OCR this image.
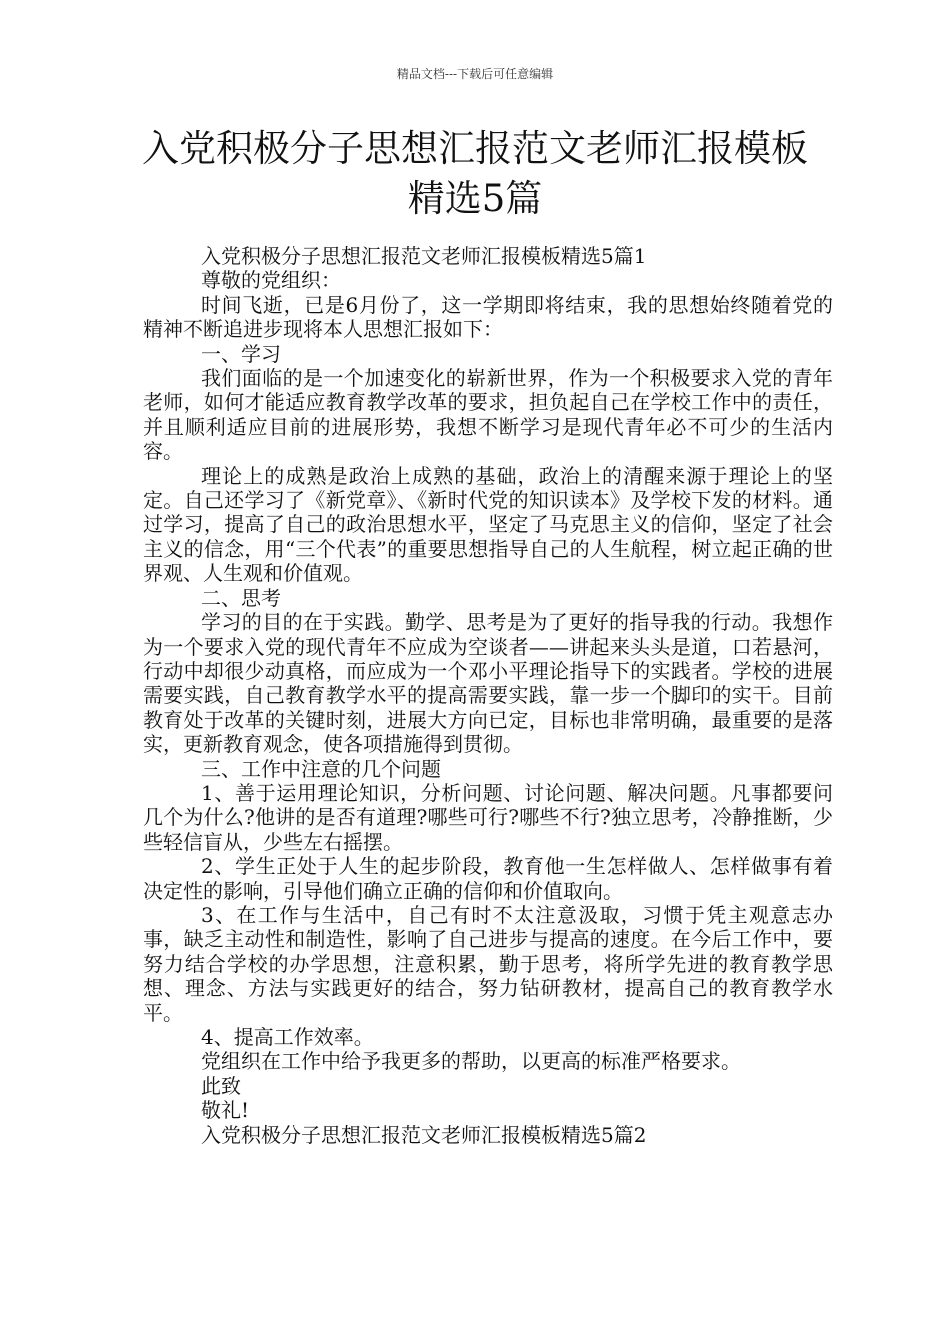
精品文档---下载后可任意编辑
入党积极分子思想汇报范文老师汇报模板
精选5篇

入党积极分子思想汇报范文老师汇报模板精选5篇1

尊敬的党组织：

时间飞逝，已是6月份了，这一学期即将结束，我的思想始终随着党的精神不断追进步现将本人思想汇报如下：

一、学习

我们面临的是一个加速变化的崭新世界，作为一个积极要求入党的青年老师，如何才能适应教育教学改革的要求，担负起自己在学校工作中的责任，并且顺利适应目前的进展形势，我想不断学习是现代青年必不可少的生活内容。

理论上的成熟是政治上成熟的基础，政治上的清醒来源于理论上的坚定。自己还学习了《新党章》、《新时代党的知识读本》及学校下发的材料。通过学习，提高了自己的政治思想水平，坚定了马克思主义的信仰，坚定了社会主义的信念，用“三个代表”的重要思想指导自己的人生航程，树立起正确的世界观、人生观和价值观。

二、思考

学习的目的在于实践。勤学、思考是为了更好的指导我的行动。我想作为一个要求入党的现代青年不应成为空谈者——讲起来头头是道，口若悬河，行动中却很少动真格，而应成为一个邓小平理论指导下的实践者。学校的进展需要实践，自己教育教学水平的提高需要实践，靠一步一个脚印的实干。目前教育处于改革的关键时刻，进展大方向已定，目标也非常明确，最重要的是落实，更新教育观念，使各项措施得到贯彻。

三、工作中注意的几个问题

1、善于运用理论知识，分析问题、讨论问题、解决问题。凡事都要问几个为什么?他讲的是否有道理?哪些可行?哪些不行?独立思考，冷静推断，少些轻信盲从，少些左右摇摆。

2、学生正处于人生的起步阶段，教育他一生怎样做人、怎样做事有着决定性的影响，引导他们确立正确的信仰和价值取向。

3、在工作与生活中，自己有时不太注意汲取，习惯于凭主观意志办事，缺乏主动性和制造性，影响了自己进步与提高的速度。在今后工作中，要努力结合学校的办学思想，注意积累，勤于思考，将所学先进的教育教学思想、理念、方法与实践更好的结合，努力钻研教材，提高自己的教育教学水平。

4、提高工作效率。

党组织在工作中给予我更多的帮助，以更高的标准严格要求。

此致

敬礼!

入党积极分子思想汇报范文老师汇报模板精选5篇2
